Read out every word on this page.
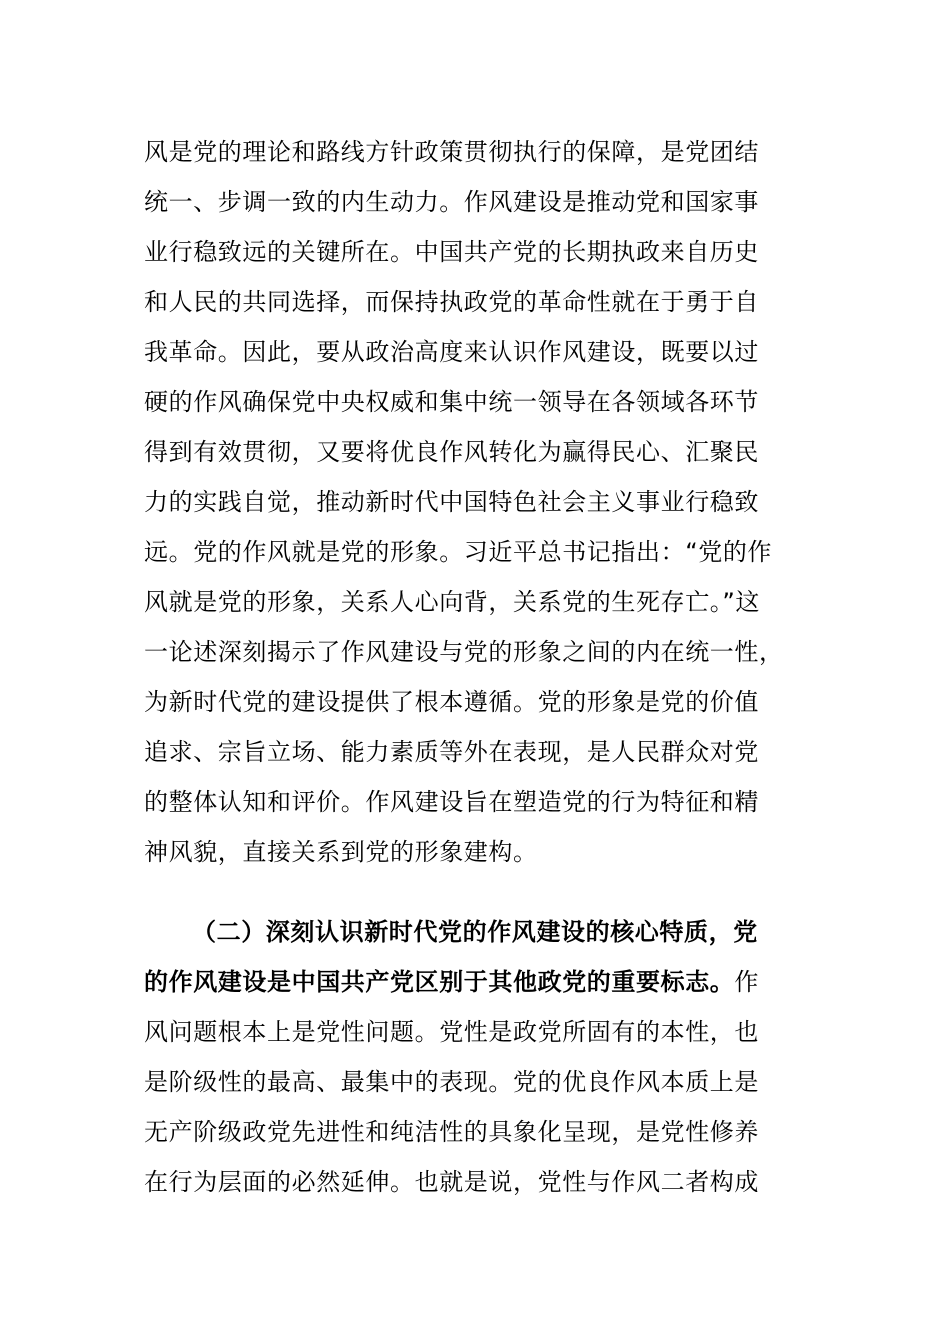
风是党的理论和路线方针政策贯彻执行的保障，是党团结
统一、步调一致的内生动力。作风建设是推动党和国家事
业行稳致远的关键所在。中国共产党的长期执政来自历史
和人民的共同选择，而保持执政党的革命性就在于勇于自
我革命。因此，要从政治高度来认识作风建设，既要以过
硬的作风确保党中央权威和集中统一领导在各领域各环节
得到有效贯彻，又要将优良作风转化为赢得民心、汇聚民
力的实践自觉，推动新时代中国特色社会主义事业行稳致
远。党的作风就是党的形象。习近平总书记指出：“党的作
风就是党的形象，关系人心向背，关系党的生死存亡。”这
一论述深刻揭示了作风建设与党的形象之间的内在统一性，
为新时代党的建设提供了根本遵循。党的形象是党的价值
追求、宗旨立场、能力素质等外在表现，是人民群众对党
的整体认知和评价。作风建设旨在塑造党的行为特征和精
神风貌，直接关系到党的形象建构。
（二）深刻认识新时代党的作风建设的核心特质，党
的作风建设是中国共产党区别于其他政党的重要标志。作
风问题根本上是党性问题。党性是政党所固有的本性，也
是阶级性的最高、最集中的表现。党的优良作风本质上是
无产阶级政党先进性和纯洁性的具象化呈现，是党性修养
在行为层面的必然延伸。也就是说，党性与作风二者构成
